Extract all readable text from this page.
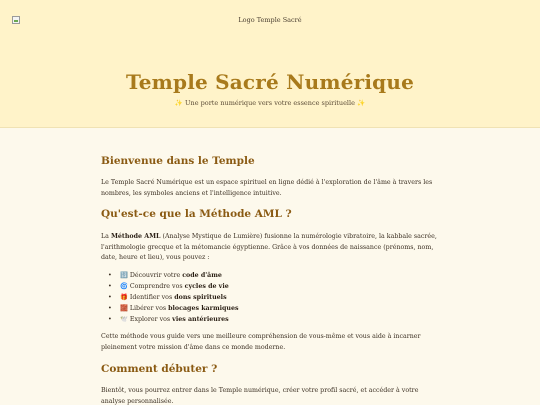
Logo Temple Sacré
Temple Sacré Numérique
✨ Une porte numérique vers votre essence spirituelle ✨
Bienvenue dans le Temple

Le Temple Sacré Numérique est un espace spirituel en ligne dédié à l'exploration de l'âme à travers les nombres, les symboles anciens et l'intelligence intuitive.

Qu'est-ce que la Méthode AML ?

La Méthode AML (Analyse Mystique de Lumière) fusionne la numérologie vibratoire, la kabbale sacrée, l'arithmologie grecque et la métomancie égyptienne. Grâce à vos données de naissance (prénoms, nom, date, heure et lieu), vous pouvez :

• 🔢 Découvrir votre code d'âme
• 🌀 Comprendre vos cycles de vie
• 🎁 Identifier vos dons spirituels
• 🧱 Libérer vos blocages karmiques
• 🕊️ Explorer vos vies antérieures

Cette méthode vous guide vers une meilleure compréhension de vous-même et vous aide à incarner pleinement votre mission d'âme dans ce monde moderne.

Comment débuter ?

Bientôt, vous pourrez entrer dans le Temple numérique, créer votre profil sacré, et accéder à votre analyse personnalisée.
